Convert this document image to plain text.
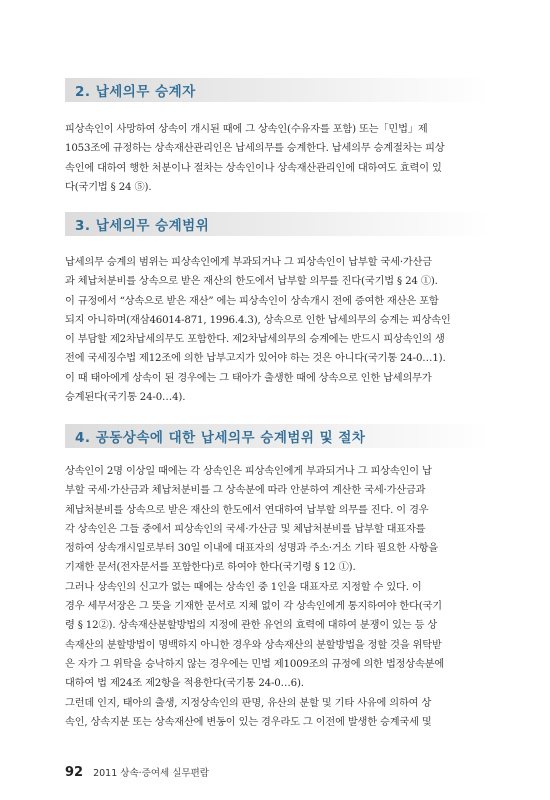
2. 납세의무 승계자
피상속인이 사망하여 상속이 개시된 때에 그 상속인(수유자를 포함) 또는「민법」제
1053조에 규정하는 상속재산관리인은 납세의무를 승계한다. 납세의무 승계절차는 피상
속인에 대하여 행한 처분이나 절차는 상속인이나 상속재산관리인에 대하여도 효력이 있
다(국기법 § 24 ⑤).
3. 납세의무 승계범위
납세의무 승계의 범위는 피상속인에게 부과되거나 그 피상속인이 납부할 국세·가산금
과 체납처분비를 상속으로 받은 재산의 한도에서 납부할 의무를 진다(국기법 § 24 ①).
이 규정에서 “상속으로 받은 재산” 에는 피상속인이 상속개시 전에 증여한 재산은 포함
되지 아니하며(재삼46014-871, 1996.4.3), 상속으로 인한 납세의무의 승계는 피상속인
이 부담할 제2차납세의무도 포함한다. 제2차납세의무의 승계에는 반드시 피상속인의 생
전에 국세징수법 제12조에 의한 납부고지가 있어야 하는 것은 아니다(국기통 24-0…1).
이 때 태아에게 상속이 된 경우에는 그 태아가 출생한 때에 상속으로 인한 납세의무가
승계된다(국기통 24-0…4).
4. 공동상속에 대한 납세의무 승계범위 및 절차
상속인이 2명 이상일 때에는 각 상속인은 피상속인에게 부과되거나 그 피상속인이 납
부할 국세·가산금과 체납처분비를 그 상속분에 따라 안분하여 계산한 국세·가산금과
체납처분비를 상속으로 받은 재산의 한도에서 연대하여 납부할 의무를 진다. 이 경우
각 상속인은 그들 중에서 피상속인의 국세·가산금 및 체납처분비를 납부할 대표자를
정하여 상속개시일로부터 30일 이내에 대표자의 성명과 주소·거소 기타 필요한 사항을
기재한 문서(전자문서를 포함한다)로 하여야 한다(국기령 § 12 ①).
그러나 상속인의 신고가 없는 때에는 상속인 중 1인을 대표자로 지정할 수 있다. 이
경우 세무서장은 그 뜻을 기재한 문서로 지체 없이 각 상속인에게 통지하여야 한다(국기
령 § 12②). 상속재산분할방법의 지정에 관한 유언의 효력에 대하여 분쟁이 있는 등 상
속재산의 분할방법이 명백하지 아니한 경우와 상속재산의 분할방법을 정할 것을 위탁받
은 자가 그 위탁을 승낙하지 않는 경우에는 민법 제1009조의 규정에 의한 법정상속분에
대하여 법 제24조 제2항을 적용한다(국기통 24-0…6).
그런데 인지, 태아의 출생, 지정상속인의 판명, 유산의 분할 및 기타 사유에 의하여 상
속인, 상속지분 또는 상속재산에 변동이 있는 경우라도 그 이전에 발생한 승계국세 및
92 2011 상속·증여세 실무편람
